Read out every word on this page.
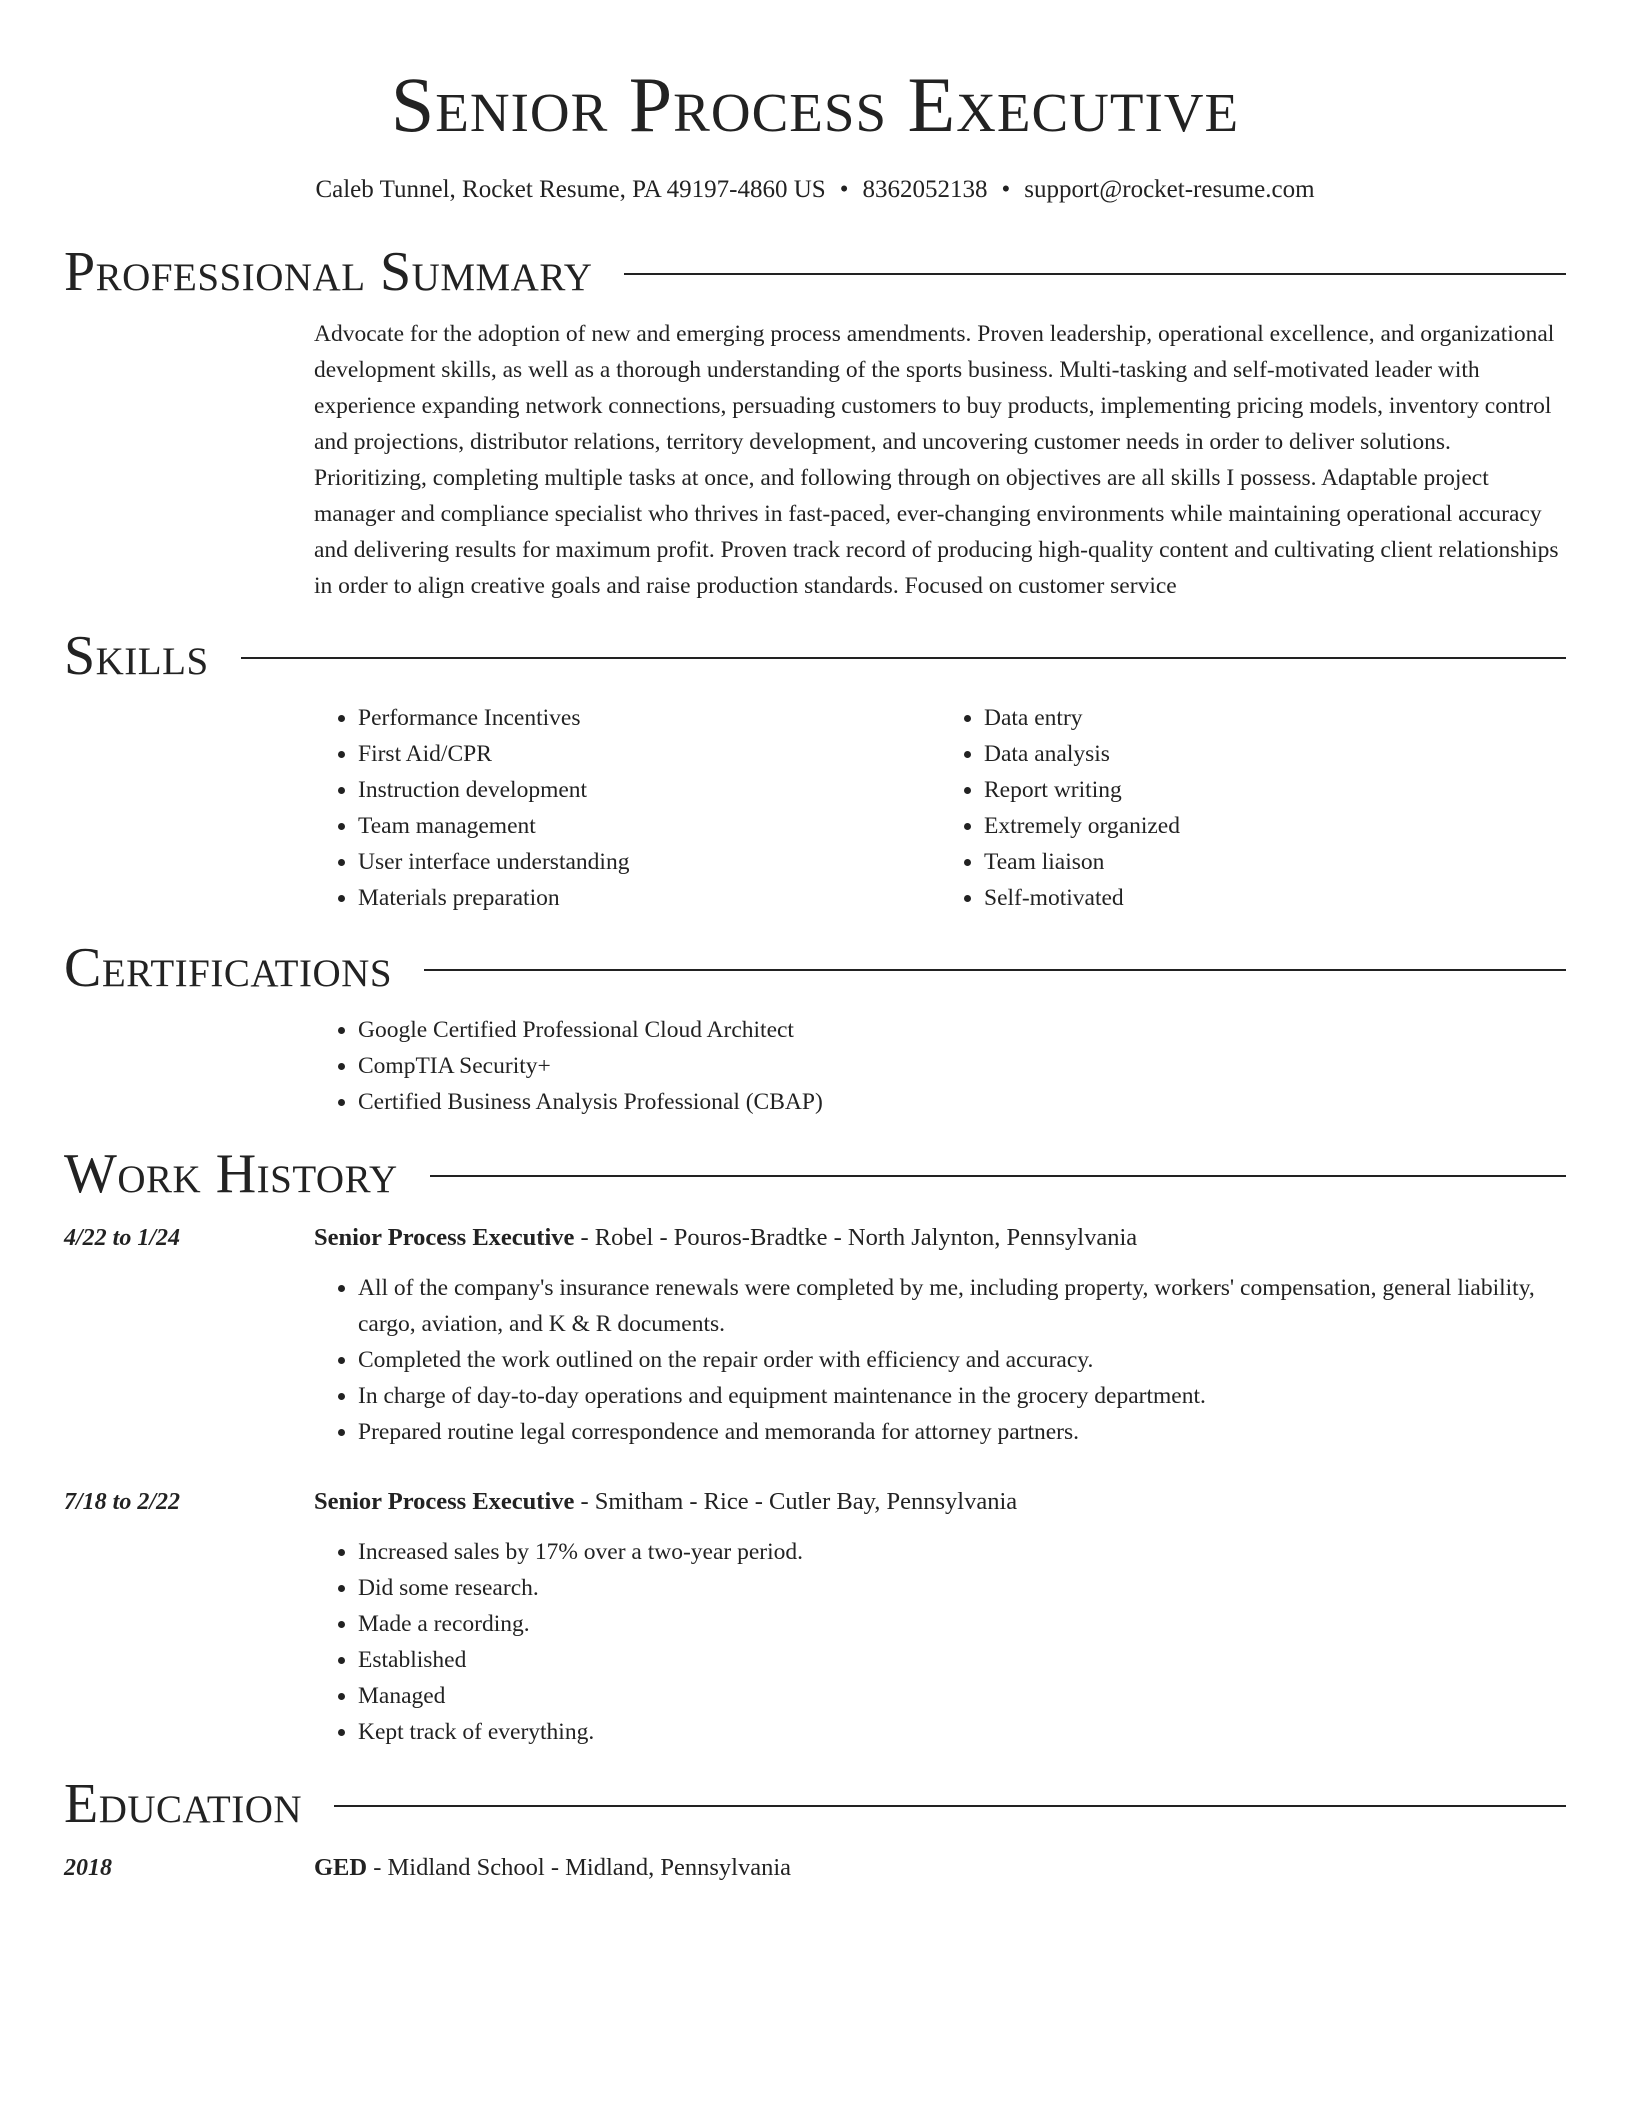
Senior Process Executive
Caleb Tunnel, Rocket Resume, PA 49197-4860 US • 8362052138 • support@rocket-resume.com
Professional Summary

Advocate for the adoption of new and emerging process amendments. Proven leadership, operational excellence, and organizational development skills, as well as a thorough understanding of the sports business. Multi-tasking and self-motivated leader with experience expanding network connections, persuading customers to buy products, implementing pricing models, inventory control and projections, distributor relations, territory development, and uncovering customer needs in order to deliver solutions. Prioritizing, completing multiple tasks at once, and following through on objectives are all skills I possess. Adaptable project manager and compliance specialist who thrives in fast-paced, ever-changing environments while maintaining operational accuracy and delivering results for maximum profit. Proven track record of producing high-quality content and cultivating client relationships in order to align creative goals and raise production standards. Focused on customer service

Skills
• Performance Incentives
• First Aid/CPR
• Instruction development
• Team management
• User interface understanding
• Materials preparation
• Data entry
• Data analysis
• Report writing
• Extremely organized
• Team liaison
• Self-motivated
Certifications
• Google Certified Professional Cloud Architect
• CompTIA Security+
• Certified Business Analysis Professional (CBAP)
Work History
4/22 to 1/24	Senior Process Executive - Robel - Pouros-Bradtke - North Jalynton, Pennsylvania
• All of the company's insurance renewals were completed by me, including property, workers' compensation, general liability, cargo, aviation, and K & R documents.
• Completed the work outlined on the repair order with efficiency and accuracy.
• In charge of day-to-day operations and equipment maintenance in the grocery department.
• Prepared routine legal correspondence and memoranda for attorney partners.
7/18 to 2/22	Senior Process Executive - Smitham - Rice - Cutler Bay, Pennsylvania
• Increased sales by 17% over a two-year period.
• Did some research.
• Made a recording.
• Established
• Managed
• Kept track of everything.
Education
2018	GED - Midland School - Midland, Pennsylvania
